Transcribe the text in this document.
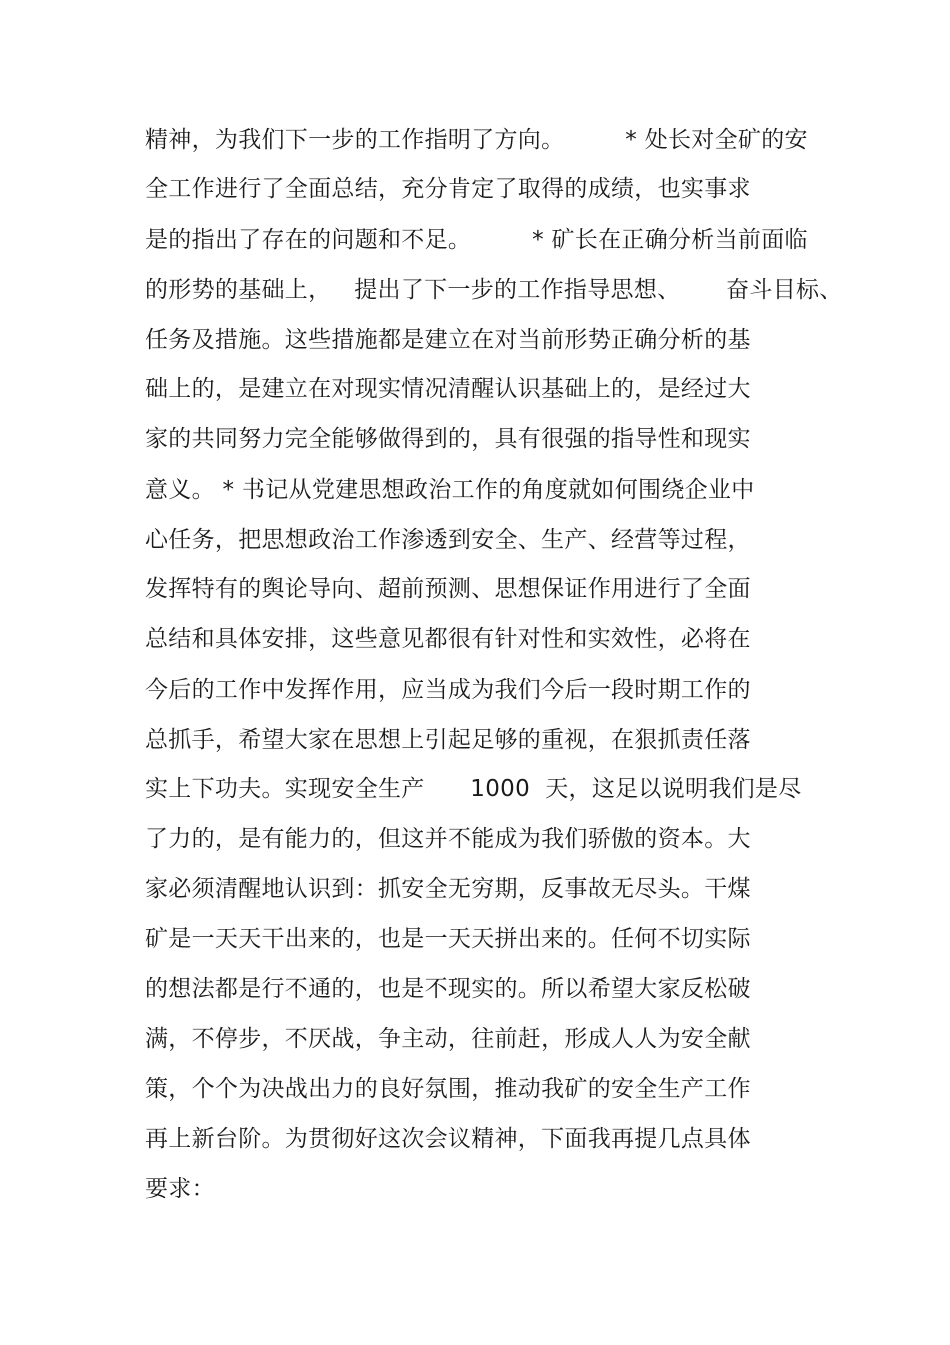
精神，为我们下一步的工作指明了方向。        * 处长对全矿的安

全工作进行了全面总结，充分肯定了取得的成绩，也实事求

是的指出了存在的问题和不足。        * 矿长在正确分析当前面临

的形势的基础上，   提出了下一步的工作指导思想、      奋斗目标、

任务及措施。这些措施都是建立在对当前形势正确分析的基

础上的，是建立在对现实情况清醒认识基础上的，是经过大

家的共同努力完全能够做得到的，具有很强的指导性和现实

意义。 * 书记从党建思想政治工作的角度就如何围绕企业中

心任务，把思想政治工作渗透到安全、生产、经营等过程，

发挥特有的舆论导向、超前预测、思想保证作用进行了全面

总结和具体安排，这些意见都很有针对性和实效性，必将在

今后的工作中发挥作用，应当成为我们今后一段时期工作的

总抓手，希望大家在思想上引起足够的重视，在狠抓责任落

实上下功夫。实现安全生产      1000  天，这足以说明我们是尽

了力的，是有能力的，但这并不能成为我们骄傲的资本。大

家必须清醒地认识到：抓安全无穷期，反事故无尽头。干煤

矿是一天天干出来的，也是一天天拼出来的。任何不切实际

的想法都是行不通的，也是不现实的。所以希望大家反松破

满，不停步，不厌战，争主动，往前赶，形成人人为安全献

策，个个为决战出力的良好氛围，推动我矿的安全生产工作

再上新台阶。为贯彻好这次会议精神，下面我再提几点具体

要求：
